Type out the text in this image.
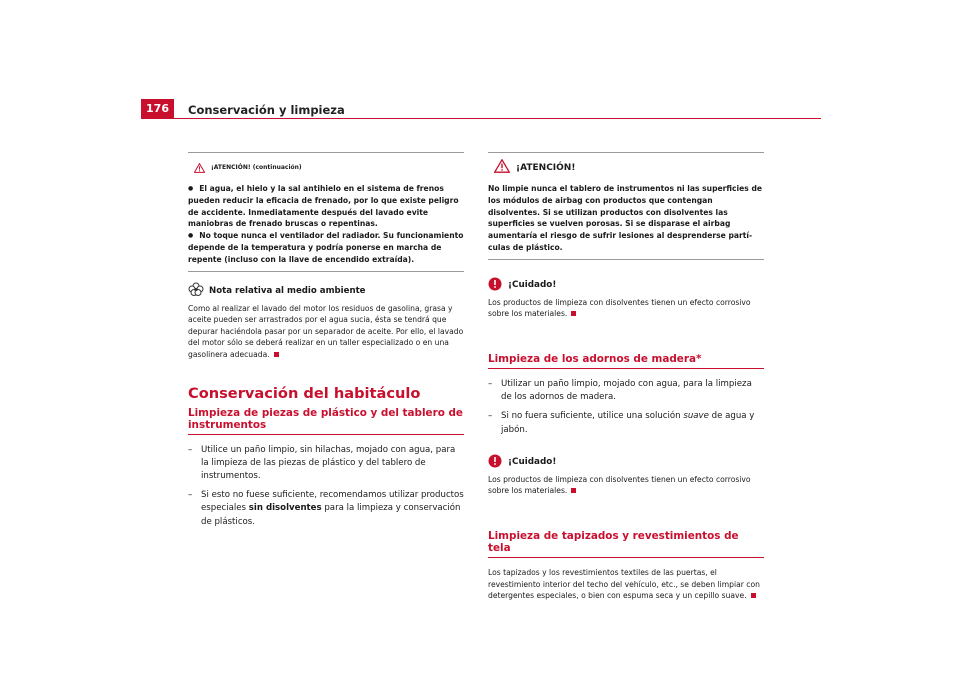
176	Conservación y limpieza
¡ATENCIÓN! (continuación)

● El agua, el hielo y la sal antihielo en el sistema de frenos pueden reducir la eficacia de frenado, por lo que existe peligro de accidente. Inmediatamente después del lavado evite maniobras de frenado bruscas o repentinas.

● No toque nunca el ventilador del radiador. Su funcionamiento depende de la temperatura y podría ponerse en marcha de repente (incluso con la llave de encendido extraída).

Nota relativa al medio ambiente

Como al realizar el lavado del motor los residuos de gasolina, grasa y aceite pueden ser arrastrados por el agua sucia, ésta se tendrá que depurar haciéndola pasar por un separador de aceite. Por ello, el lavado del motor sólo se deberá realizar en un taller especializado o en una gasolinera adecuada.

Conservación del habitáculo
Limpieza de piezas de plástico y del tablero de instrumentos
–	Utilice un paño limpio, sin hilachas, mojado con agua, para la limpieza de las piezas de plástico y del tablero de instrumentos.
–	Si esto no fuese suficiente, recomendamos utilizar productos especiales sin disolventes para la limpieza y conservación de plásticos.
¡ATENCIÓN!
No limpie nunca el tablero de instrumentos ni las superficies de los módulos de airbag con productos que contengan disolventes. Si se utilizan productos con disolventes las superficies se vuelven porosas. Si se disparase el airbag aumentaría el riesgo de sufrir lesiones al desprenderse partículas de plástico.
¡Cuidado!

Los productos de limpieza con disolventes tienen un efecto corrosivo sobre los materiales.

Limpieza de los adornos de madera*
–	Utilizar un paño limpio, mojado con agua, para la limpieza de los adornos de madera.
–	Si no fuera suficiente, utilice una solución suave de agua y jabón.
¡Cuidado!

Los productos de limpieza con disolventes tienen un efecto corrosivo sobre los materiales.

Limpieza de tapizados y revestimientos de tela

Los tapizados y los revestimientos textiles de las puertas, el revestimiento interior del techo del vehículo, etc., se deben limpiar con detergentes especiales, o bien con espuma seca y un cepillo suave.
